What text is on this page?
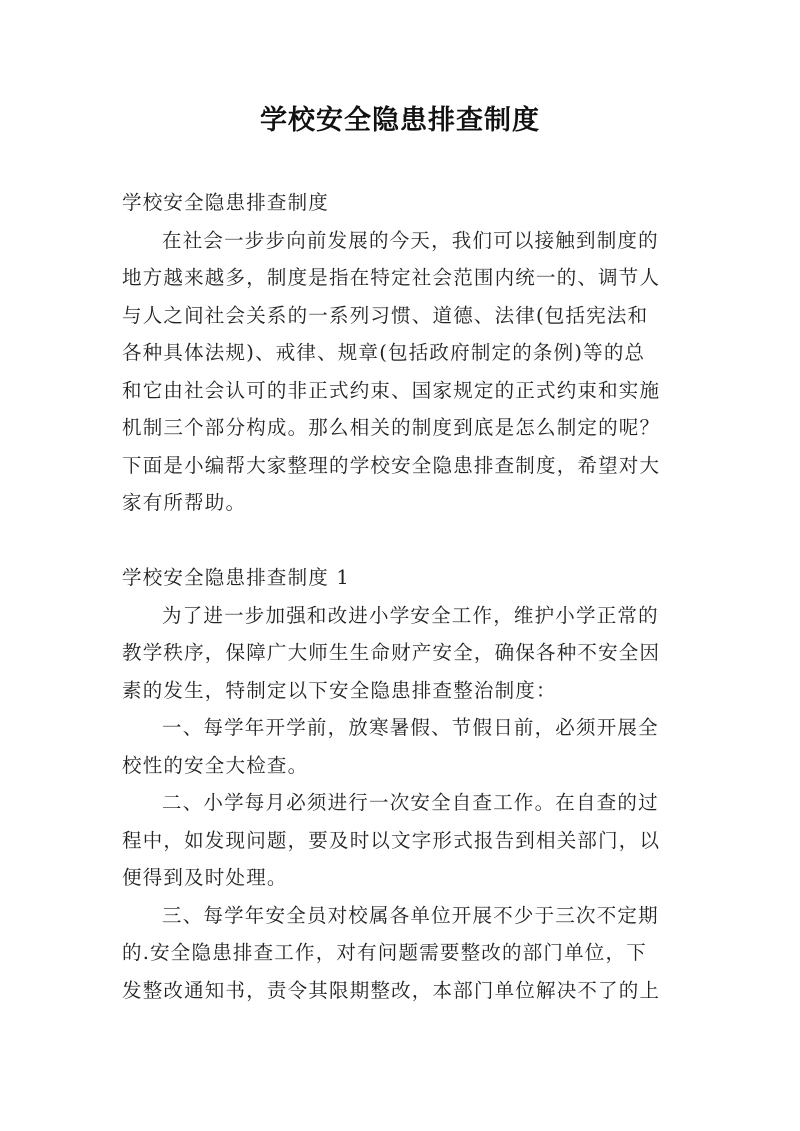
学校安全隐患排查制度
学校安全隐患排查制度
在社会一步步向前发展的今天，我们可以接触到制度的
地方越来越多，制度是指在特定社会范围内统一的、调节人
与人之间社会关系的一系列习惯、道德、法律(包括宪法和
各种具体法规)、戒律、规章(包括政府制定的条例)等的总
和它由社会认可的非正式约束、国家规定的正式约束和实施
机制三个部分构成。那么相关的制度到底是怎么制定的呢？
下面是小编帮大家整理的学校安全隐患排查制度，希望对大
家有所帮助。
学校安全隐患排查制度 1
为了进一步加强和改进小学安全工作，维护小学正常的
教学秩序，保障广大师生生命财产安全，确保各种不安全因
素的发生，特制定以下安全隐患排查整治制度：
一、每学年开学前，放寒暑假、节假日前，必须开展全
校性的安全大检查。
二、小学每月必须进行一次安全自查工作。在自查的过
程中，如发现问题，要及时以文字形式报告到相关部门，以
便得到及时处理。
三、每学年安全员对校属各单位开展不少于三次不定期
的.安全隐患排查工作，对有问题需要整改的部门单位，下
发整改通知书，责令其限期整改，本部门单位解决不了的上
